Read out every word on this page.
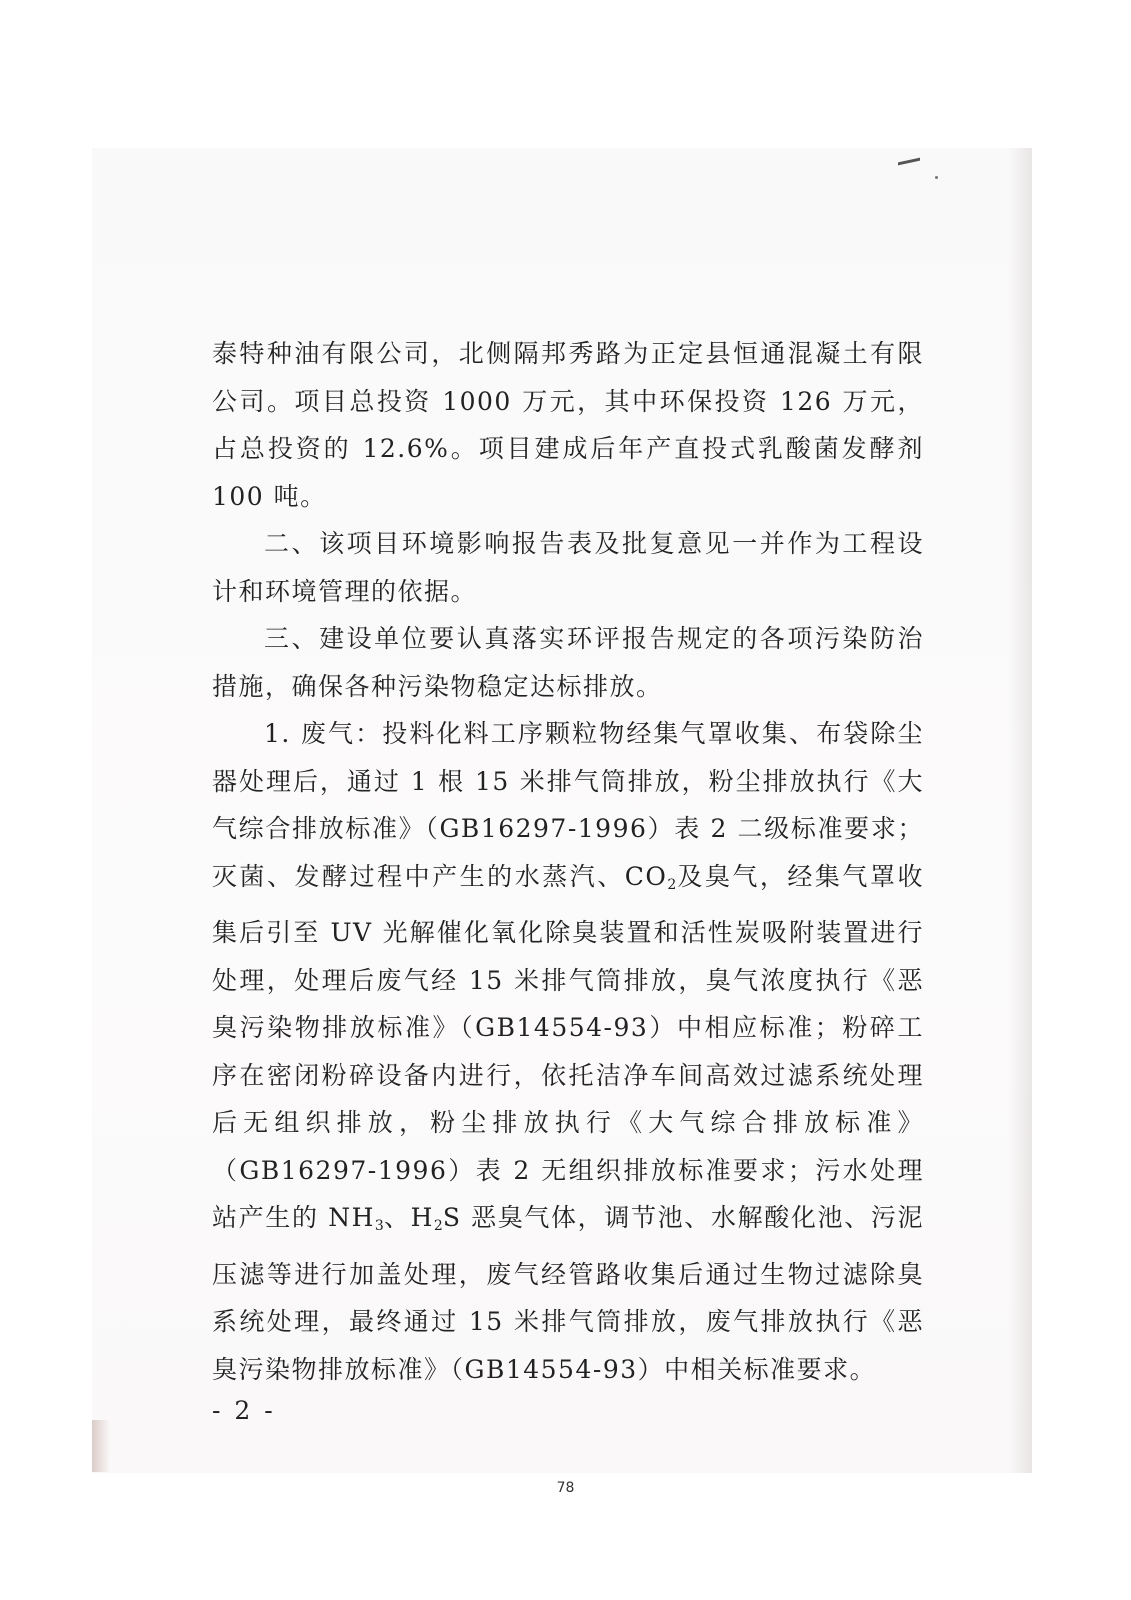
泰特种油有限公司，北侧隔邦秀路为正定县恒通混凝土有限公司。项目总投资 1000 万元，其中环保投资 126 万元，占总投资的 12.6%。项目建成后年产直投式乳酸菌发酵剂 100 吨。

二、该项目环境影响报告表及批复意见一并作为工程设计和环境管理的依据。

三、建设单位要认真落实环评报告规定的各项污染防治措施，确保各种污染物稳定达标排放。

1. 废气：投料化料工序颗粒物经集气罩收集、布袋除尘器处理后，通过 1 根 15 米排气筒排放，粉尘排放执行《大气综合排放标准》（GB16297-1996）表 2 二级标准要求；灭菌、发酵过程中产生的水蒸汽、$CO_2$及臭气，经集气罩收集后引至 UV 光解催化氧化除臭装置和活性炭吸附装置进行处理，处理后废气经 15 米排气筒排放，臭气浓度执行《恶臭污染物排放标准》（GB14554-93）中相应标准；粉碎工序在密闭粉碎设备内进行，依托洁净车间高效过滤系统处理后无组织排放，粉尘排放执行《大气综合排放标准》（GB16297-1996）表 2 无组织排放标准要求；污水处理站产生的 $NH_3$、$H_2S$ 恶臭气体，调节池、水解酸化池、污泥压滤等进行加盖处理，废气经管路收集后通过生物过滤除臭系统处理，最终通过 15 米排气筒排放，废气排放执行《恶臭污染物排放标准》（GB14554-93）中相关标准要求。

- 2 -
78
